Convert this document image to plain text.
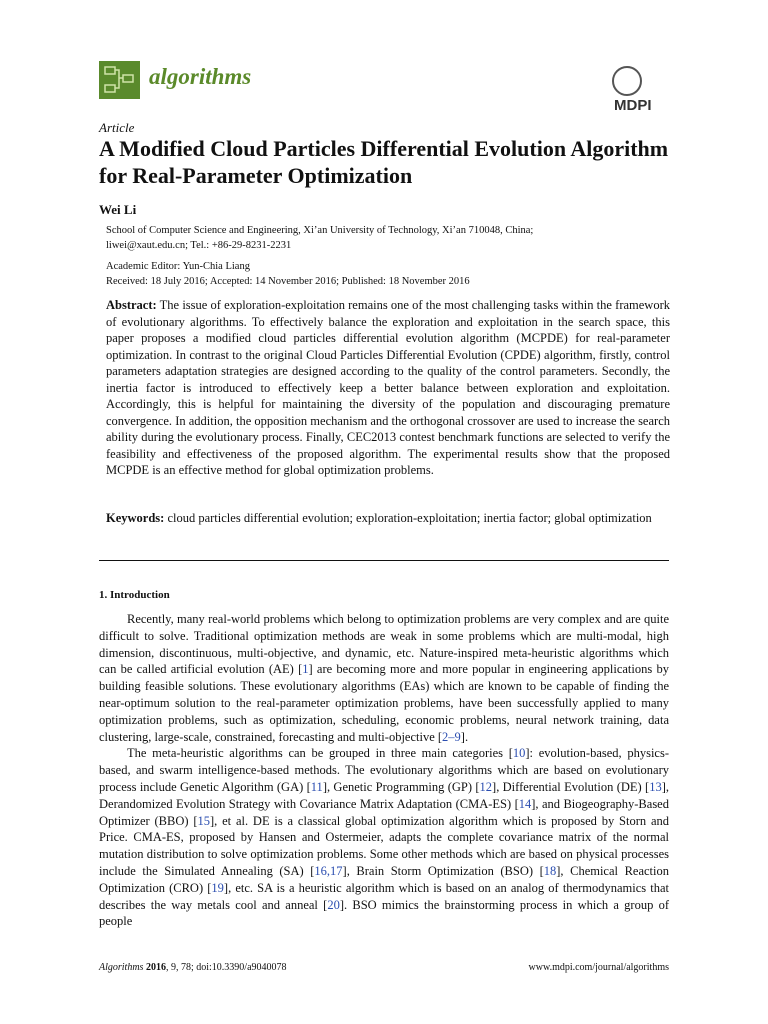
algorithms
MDPI
Article
A Modified Cloud Particles Differential Evolution Algorithm for Real-Parameter Optimization
Wei Li
School of Computer Science and Engineering, Xi’an University of Technology, Xi’an 710048, China;
liwei@xaut.edu.cn; Tel.: +86-29-8231-2231
Academic Editor: Yun-Chia Liang
Received: 18 July 2016; Accepted: 14 November 2016; Published: 18 November 2016
Abstract: The issue of exploration-exploitation remains one of the most challenging tasks within the framework of evolutionary algorithms. To effectively balance the exploration and exploitation in the search space, this paper proposes a modified cloud particles differential evolution algorithm (MCPDE) for real-parameter optimization. In contrast to the original Cloud Particles Differential Evolution (CPDE) algorithm, firstly, control parameters adaptation strategies are designed according to the quality of the control parameters. Secondly, the inertia factor is introduced to effectively keep a better balance between exploration and exploitation. Accordingly, this is helpful for maintaining the diversity of the population and discouraging premature convergence. In addition, the opposition mechanism and the orthogonal crossover are used to increase the search ability during the evolutionary process. Finally, CEC2013 contest benchmark functions are selected to verify the feasibility and effectiveness of the proposed algorithm. The experimental results show that the proposed MCPDE is an effective method for global optimization problems.
Keywords: cloud particles differential evolution; exploration-exploitation; inertia factor; global optimization
1. Introduction

Recently, many real-world problems which belong to optimization problems are very complex and are quite difficult to solve. Traditional optimization methods are weak in some problems which are multi-modal, high dimension, discontinuous, multi-objective, and dynamic, etc. Nature-inspired meta-heuristic algorithms which can be called artificial evolution (AE) [1] are becoming more and more popular in engineering applications by building feasible solutions. These evolutionary algorithms (EAs) which are known to be capable of finding the near-optimum solution to the real-parameter optimization problems, have been successfully applied to many optimization problems, such as optimization, scheduling, economic problems, neural network training, data clustering, large-scale, constrained, forecasting and multi-objective [2–9].

The meta-heuristic algorithms can be grouped in three main categories [10]: evolution-based, physics-based, and swarm intelligence-based methods. The evolutionary algorithms which are based on evolutionary process include Genetic Algorithm (GA) [11], Genetic Programming (GP) [12], Differential Evolution (DE) [13], Derandomized Evolution Strategy with Covariance Matrix Adaptation (CMA-ES) [14], and Biogeography-Based Optimizer (BBO) [15], et al. DE is a classical global optimization algorithm which is proposed by Storn and Price. CMA-ES, proposed by Hansen and Ostermeier, adapts the complete covariance matrix of the normal mutation distribution to solve optimization problems. Some other methods which are based on physical processes include the Simulated Annealing (SA) [16,17], Brain Storm Optimization (BSO) [18], Chemical Reaction Optimization (CRO) [19], etc. SA is a heuristic algorithm which is based on an analog of thermodynamics that describes the way metals cool and anneal [20]. BSO mimics the brainstorming process in which a group of people

Algorithms 2016, 9, 78; doi:10.3390/a9040078	www.mdpi.com/journal/algorithms
